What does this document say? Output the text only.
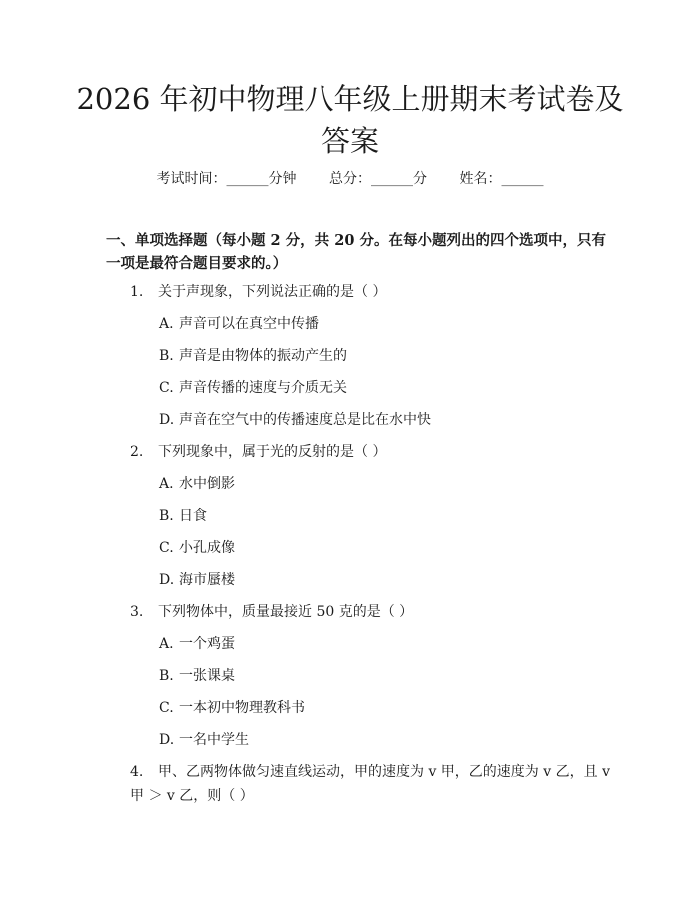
2026 年初中物理八年级上册期末考试卷及答案
考试时间：______分钟 总分：______分 姓名：______
一、单项选择题（每小题 2 分，共 20 分。在每小题列出的四个选项中，只有一项是最符合题目要求的。）
1. 关于声现象，下列说法正确的是（ ）
A. 声音可以在真空中传播
B. 声音是由物体的振动产生的
C. 声音传播的速度与介质无关
D. 声音在空气中的传播速度总是比在水中快
2. 下列现象中，属于光的反射的是（ ）
A. 水中倒影
B. 日食
C. 小孔成像
D. 海市蜃楼
3. 下列物体中，质量最接近 50 克的是（ ）
A. 一个鸡蛋
B. 一张课桌
C. 一本初中物理教科书
D. 一名中学生
4. 甲、乙两物体做匀速直线运动，甲的速度为 v 甲，乙的速度为 v 乙，且 v 甲 ＞ v 乙，则（ ）
